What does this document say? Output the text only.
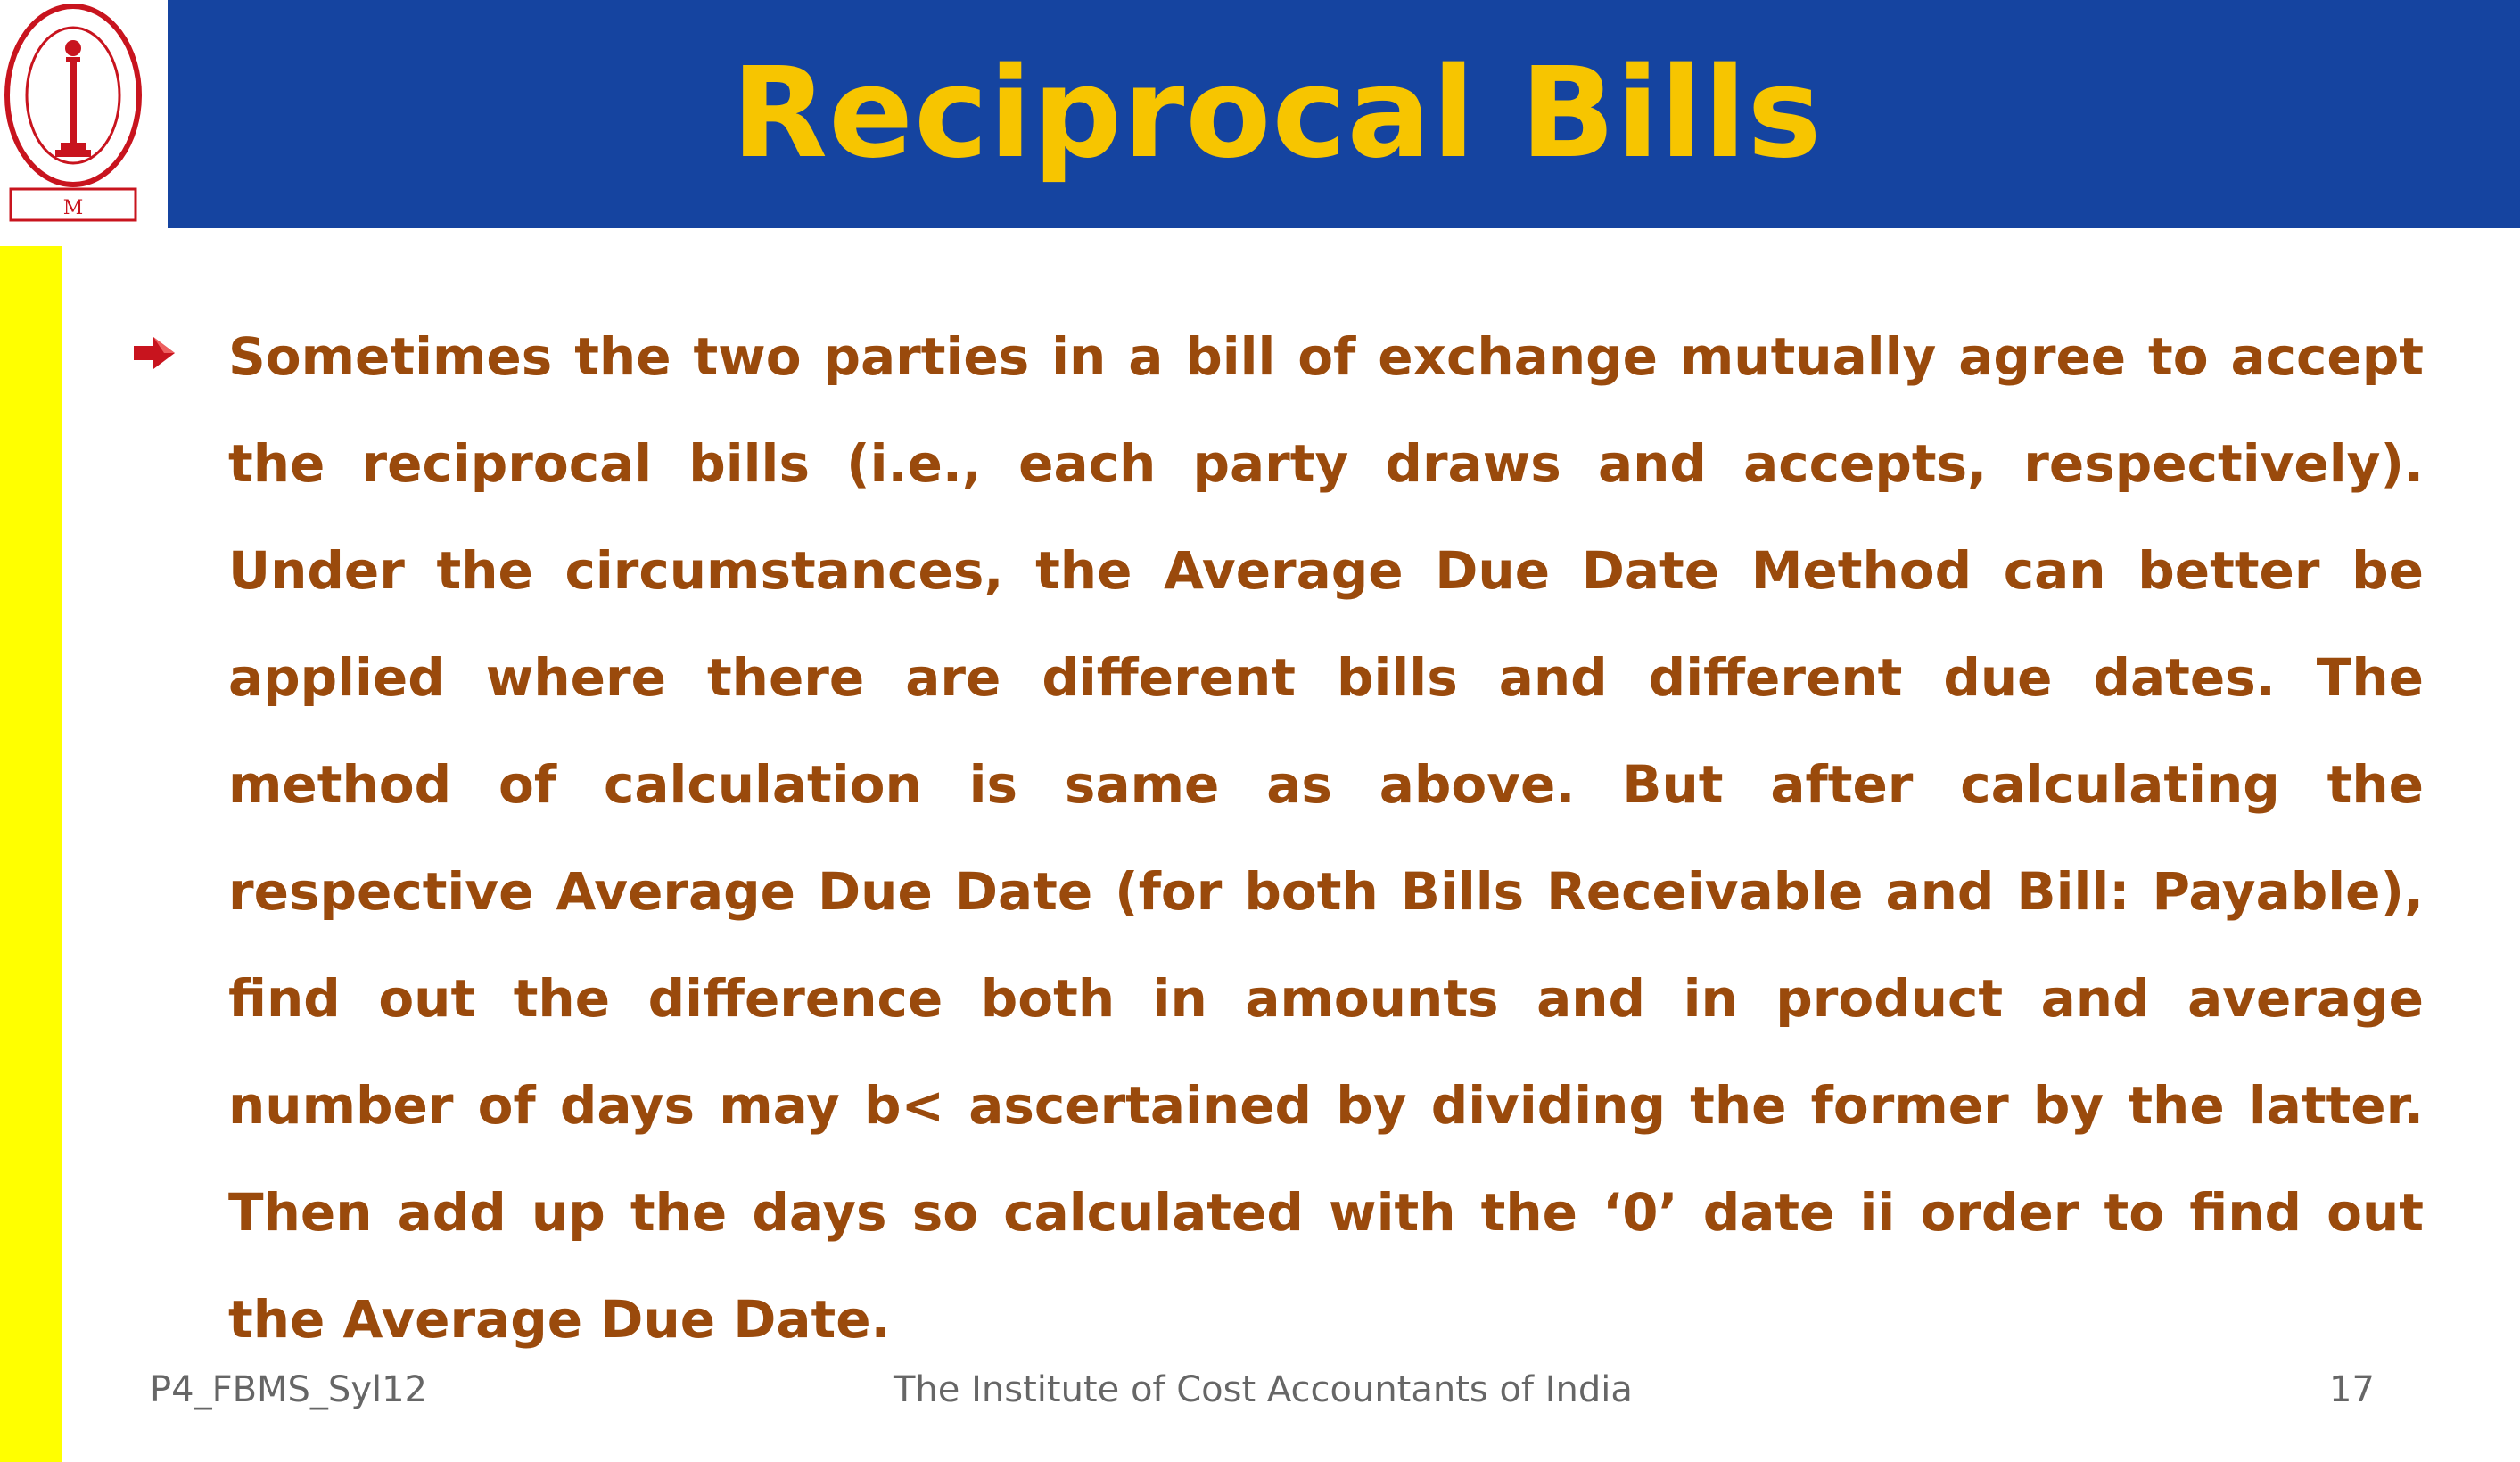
M
Reciprocal Bills

Sometimes the two parties in a bill of exchange mutually agree to accept the reciprocal bills (i.e., each party draws and accepts, respectively). Under the circumstances, the Average Due Date Method can better be applied where there are different bills and different due dates. The method of calculation is same as above. But after calculating the respective Average Due Date (for both Bills Receivable and Bill: Payable), find out the difference both in amounts and in product and average number of days may b< ascertained by dividing the former by the latter. Then add up the days so calculated with the ‘0’ date ii order to find out the Average Due Date.

P4_FBMS_Syl12	The Institute of Cost Accountants of India	17
